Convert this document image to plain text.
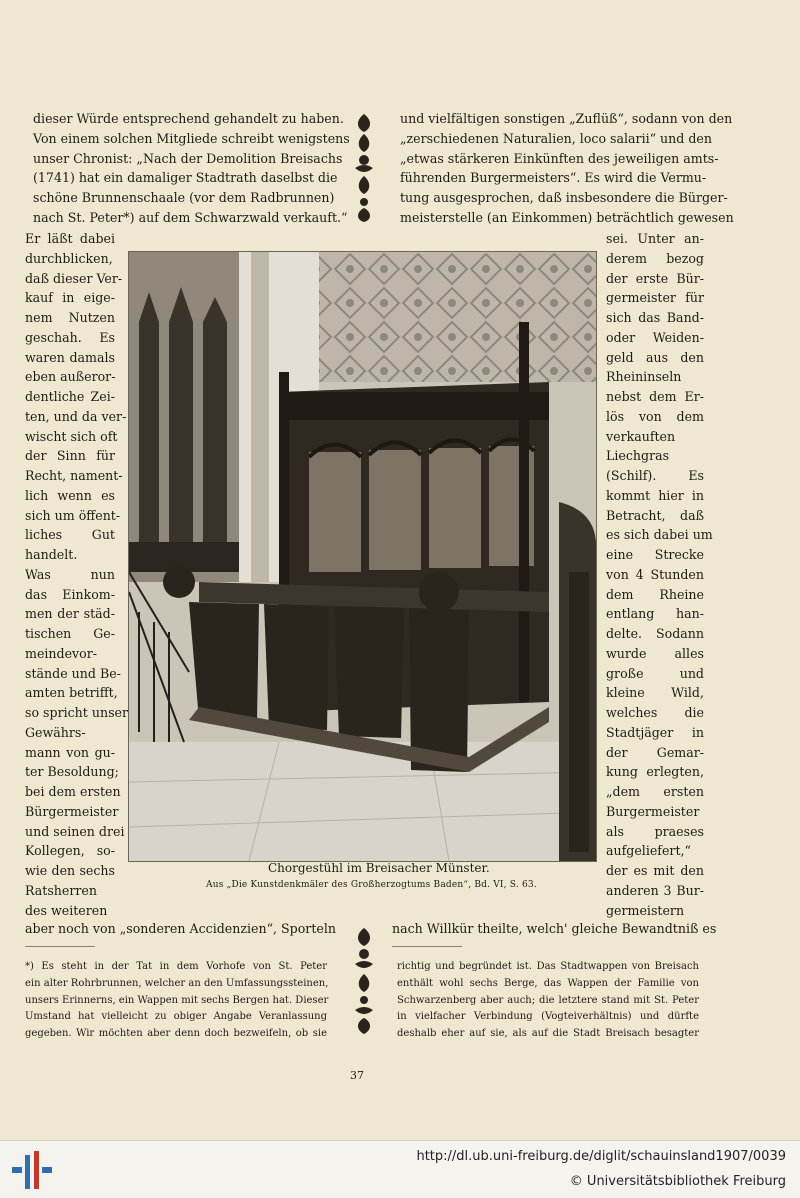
dieser Würde entsprechend gehandelt zu haben.
Von einem solchen Mitgliede schreibt wenigstens
unser Chronist: „Nach der Demolition Breisachs
(1741) hat ein damaliger Stadtrath daselbst die
schöne Brunnenschaale (vor dem Radbrunnen)
nach St. Peter*) auf dem Schwarzwald verkauft.“
und vielfältigen sonstigen „Zuflüß“, sodann von den
„zerschiedenen Naturalien, loco salarii“ und den
„etwas stärkeren Einkünften des jeweiligen amts-
führenden Burgermeisters“. Es wird die Vermu-
tung ausgesprochen, daß insbesondere die Bürger-
meisterstelle (an Einkommen) beträchtlich gewesen
Er läßt dabei
durchblicken,
daß dieser Ver-
kauf in eige-
nem Nutzen
geschah. Es
waren damals
eben außeror-
dentliche Zei-
ten, und da ver-
wischt sich oft
der Sinn für
Recht, nament-
lich wenn es
sich um öffent-
liches Gut
handelt.
Was nun
das Einkom-
men der städ-
tischen Ge-
meindevor-
stände und Be-
amten betrifft,
so spricht unser
Gewährs-
mann von gu-
ter Besoldung;
bei dem ersten
Bürgermeister
und seinen drei
Kollegen, so-
wie den sechs
Ratsherren
des weiteren
sei. Unter an-
derem bezog
der erste Bür-
germeister für
sich das Band-
oder Weiden-
geld aus den
Rheininseln
nebst dem Er-
lös von dem
verkauften
Liechgras
(Schilf). Es
kommt hier in
Betracht, daß
es sich dabei um
eine Strecke
von 4 Stunden
dem Rheine
entlang han-
delte. Sodann
wurde alles
große und
kleine Wild,
welches die
Stadtjäger in
der Gemar-
kung erlegten,
„dem ersten
Burgermeister
als praeses
aufgeliefert,“
der es mit den
anderen 3 Bur-
germeistern
Chorgestühl im Breisacher Münster.
Aus „Die Kunstdenkmäler des Großherzogtums Baden“, Bd. VI, S. 63.
aber noch von „sonderen Accidenzien“, Sporteln	nach Willkür theilte, welch' gleiche Bewandtniß es
*) Es steht in der Tat in dem Vorhofe von St. Peter
ein alter Rohrbrunnen, welcher an den Umfassungssteinen,
unsers Erinnerns, ein Wappen mit sechs Bergen hat. Dieser
Umstand hat vielleicht zu obiger Angabe Veranlassung
gegeben. Wir möchten aber denn doch bezweifeln, ob sie
richtig und begründet ist. Das Stadtwappen von Breisach
enthält wohl sechs Berge, das Wappen der Familie von
Schwarzenberg aber auch; die letztere stand mit St. Peter
in vielfacher Verbindung (Vogteiverhältnis) und dürfte
deshalb eher auf sie, als auf die Stadt Breisach besagter
37
http://dl.ub.uni-freiburg.de/diglit/schauinsland1907/0039
© Universitätsbibliothek Freiburg
